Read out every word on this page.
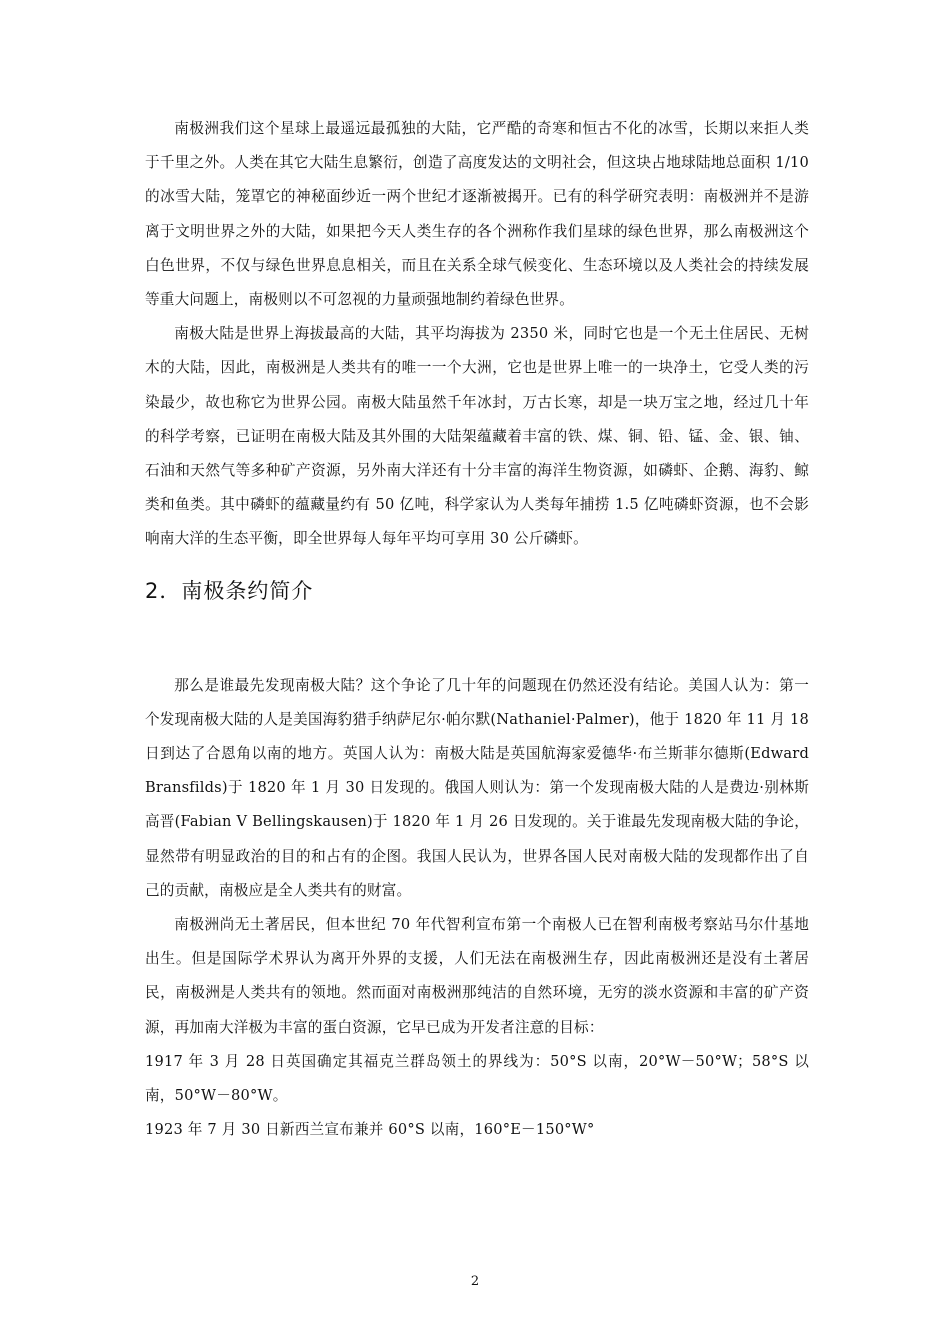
南极洲我们这个星球上最遥远最孤独的大陆，它严酷的奇寒和恒古不化的冰雪，长期以来拒人类于千里之外。人类在其它大陆生息繁衍，创造了高度发达的文明社会，但这块占地球陆地总面积 1/10 的冰雪大陆，笼罩它的神秘面纱近一两个世纪才逐渐被揭开。已有的科学研究表明：南极洲并不是游离于文明世界之外的大陆，如果把今天人类生存的各个洲称作我们星球的绿色世界，那么南极洲这个白色世界，不仅与绿色世界息息相关，而且在关系全球气候变化、生态环境以及人类社会的持续发展等重大问题上，南极则以不可忽视的力量顽强地制约着绿色世界。

南极大陆是世界上海拔最高的大陆，其平均海拔为 2350 米，同时它也是一个无土住居民、无树木的大陆，因此，南极洲是人类共有的唯一一个大洲，它也是世界上唯一的一块净土，它受人类的污染最少，故也称它为世界公园。南极大陆虽然千年冰封，万古长寒，却是一块万宝之地，经过几十年的科学考察，已证明在南极大陆及其外围的大陆架蕴藏着丰富的铁、煤、铜、铅、锰、金、银、铀、石油和天然气等多种矿产资源，另外南大洋还有十分丰富的海洋生物资源，如磷虾、企鹅、海豹、鲸类和鱼类。其中磷虾的蕴藏量约有 50 亿吨，科学家认为人类每年捕捞 1.5 亿吨磷虾资源，也不会影响南大洋的生态平衡，即全世界每人每年平均可享用 30 公斤磷虾。

2．南极条约简介

那么是谁最先发现南极大陆？这个争论了几十年的问题现在仍然还没有结论。美国人认为：第一个发现南极大陆的人是美国海豹猎手纳萨尼尔·帕尔默(Nathaniel·Palmer)，他于 1820 年 11 月 18 日到达了合恩角以南的地方。英国人认为：南极大陆是英国航海家爱德华·布兰斯菲尔德斯(Edward Bransfilds)于 1820 年 1 月 30 日发现的。俄国人则认为：第一个发现南极大陆的人是费边·别林斯高晋(Fabian V Bellingskausen)于 1820 年 1 月 26 日发现的。关于谁最先发现南极大陆的争论，显然带有明显政治的目的和占有的企图。我国人民认为，世界各国人民对南极大陆的发现都作出了自己的贡献，南极应是全人类共有的财富。

南极洲尚无土著居民，但本世纪 70 年代智利宣布第一个南极人已在智利南极考察站马尔什基地出生。但是国际学术界认为离开外界的支援，人们无法在南极洲生存，因此南极洲还是没有土著居民，南极洲是人类共有的领地。然而面对南极洲那纯洁的自然环境，无穷的淡水资源和丰富的矿产资源，再加南大洋极为丰富的蛋白资源，它早已成为开发者注意的目标：

1917 年 3 月 28 日英国确定其福克兰群岛领土的界线为：50°S 以南，20°W－50°W；58°S 以南，50°W－80°W。

1923 年 7 月 30 日新西兰宣布兼并 60°S 以南，160°E－150°W°

2
